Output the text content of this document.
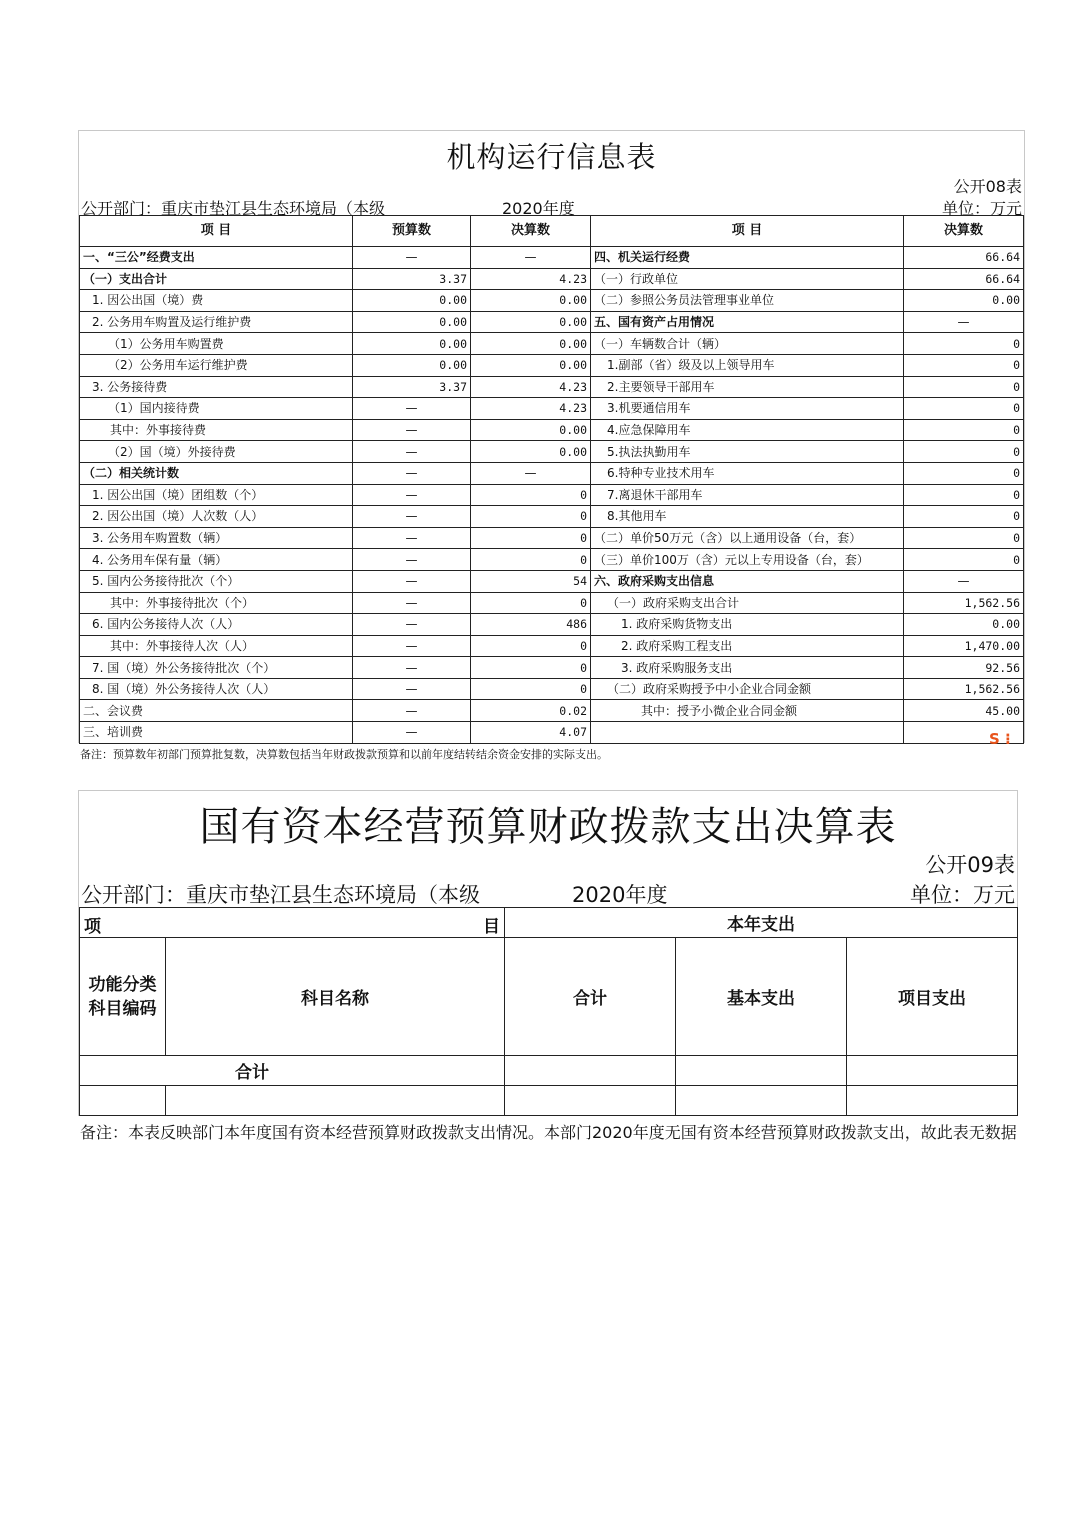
机构运行信息表
公开08表
公开部门：重庆市垫江县生态环境局（本级	2020年度	单位：万元
项 目	预算数	决算数	项 目	决算数
一、“三公”经费支出	—	—	四、机关运行经费	66.64
（一）支出合计	3.37	4.23	（一）行政单位	66.64
1. 因公出国（境）费	0.00	0.00	（二）参照公务员法管理事业单位	0.00
2. 公务用车购置及运行维护费	0.00	0.00	五、国有资产占用情况	—
（1）公务用车购置费	0.00	0.00	（一）车辆数合计（辆）	0
（2）公务用车运行维护费	0.00	0.00	1.副部（省）级及以上领导用车	0
3. 公务接待费	3.37	4.23	2.主要领导干部用车	0
（1）国内接待费	—	4.23	3.机要通信用车	0
其中：外事接待费	—	0.00	4.应急保障用车	0
（2）国（境）外接待费	—	0.00	5.执法执勤用车	0
（二）相关统计数	—	—	6.特种专业技术用车	0
1. 因公出国（境）团组数（个）	—	0	7.离退休干部用车	0
2. 因公出国（境）人次数（人）	—	0	8.其他用车	0
3. 公务用车购置数（辆）	—	0	（二）单价50万元（含）以上通用设备（台，套）	0
4. 公务用车保有量（辆）	—	0	（三）单价100万（含）元以上专用设备（台，套）	0
5. 国内公务接待批次（个）	—	54	六、政府采购支出信息	—
其中：外事接待批次（个）	—	0	（一）政府采购支出合计	1,562.56
6. 国内公务接待人次（人）	—	486	1. 政府采购货物支出	0.00
其中：外事接待人次（人）	—	0	2. 政府采购工程支出	1,470.00
7. 国（境）外公务接待批次（个）	—	0	3. 政府采购服务支出	92.56
8. 国（境）外公务接待人次（人）	—	0	（二）政府采购授予中小企业合同金额	1,562.56
二、会议费	—	0.02	其中：授予小微企业合同金额	45.00
三、培训费	—	4.07			S ⁝
备注：预算数年初部门预算批复数，决算数包括当年财政拨款预算和以前年度结转结余资金安排的实际支出。
国有资本经营预算财政拨款支出决算表
公开09表
公开部门：重庆市垫江县生态环境局（本级	2020年度	单位：万元
项 目		本年支出		
功能分类科目编码	科目名称	合计	基本支出	项目支出
合计				

备注：本表反映部门本年度国有资本经营预算财政拨款支出情况。本部门2020年度无国有资本经营预算财政拨款支出，故此表无数据
